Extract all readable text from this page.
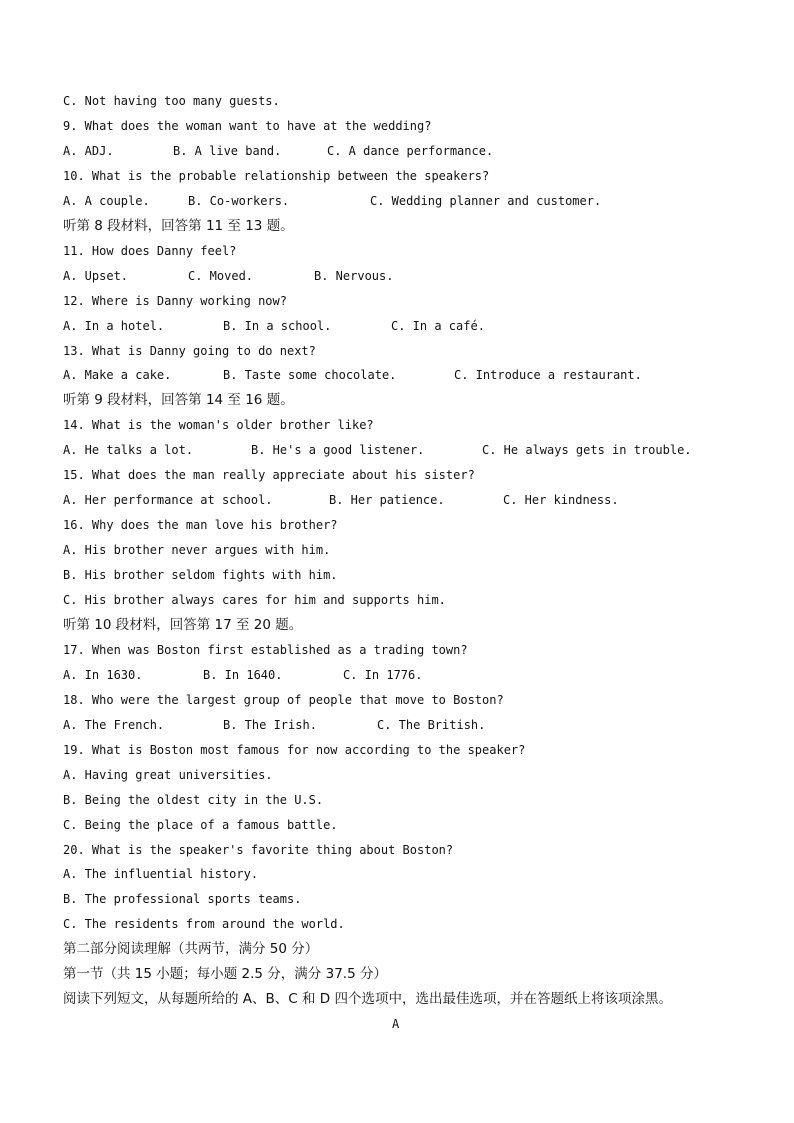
C. Not having too many guests.
9. What does the woman want to have at the wedding?
A. ADJ.	B. A live band.	C. A dance performance.
10. What is the probable relationship between the speakers?
A. A couple.	B. Co-workers.	C. Wedding planner and customer.
听第 8 段材料，回答第 11 至 13 题。
11. How does Danny feel?
A. Upset.	C. Moved.	B. Nervous.
12. Where is Danny working now?
A. In a hotel.	B. In a school.	C. In a café.
13. What is Danny going to do next?
A. Make a cake.	B. Taste some chocolate.	C. Introduce a restaurant.
听第 9 段材料，回答第 14 至 16 题。
14. What is the woman's older brother like?
A. He talks a lot.	B. He's a good listener.	C. He always gets in trouble.
15. What does the man really appreciate about his sister?
A. Her performance at school.	B. Her patience.	C. Her kindness.
16. Why does the man love his brother?
A. His brother never argues with him.
B. His brother seldom fights with him.
C. His brother always cares for him and supports him.
听第 10 段材料，回答第 17 至 20 题。
17. When was Boston first established as a trading town?
A. In 1630.	B. In 1640.	C. In 1776.
18. Who were the largest group of people that move to Boston?
A. The French.	B. The Irish.	C. The British.
19. What is Boston most famous for now according to the speaker?
A. Having great universities.
B. Being the oldest city in the U.S.
C. Being the place of a famous battle.
20. What is the speaker's favorite thing about Boston?
A. The influential history.
B. The professional sports teams.
C. The residents from around the world.
第二部分阅读理解（共两节，满分 50 分）
第一节（共 15 小题；每小题 2.5 分，满分 37.5 分）
阅读下列短文，从每题所给的 A、B、C 和 D 四个选项中，选出最佳选项，并在答题纸上将该项涂黑。
A
